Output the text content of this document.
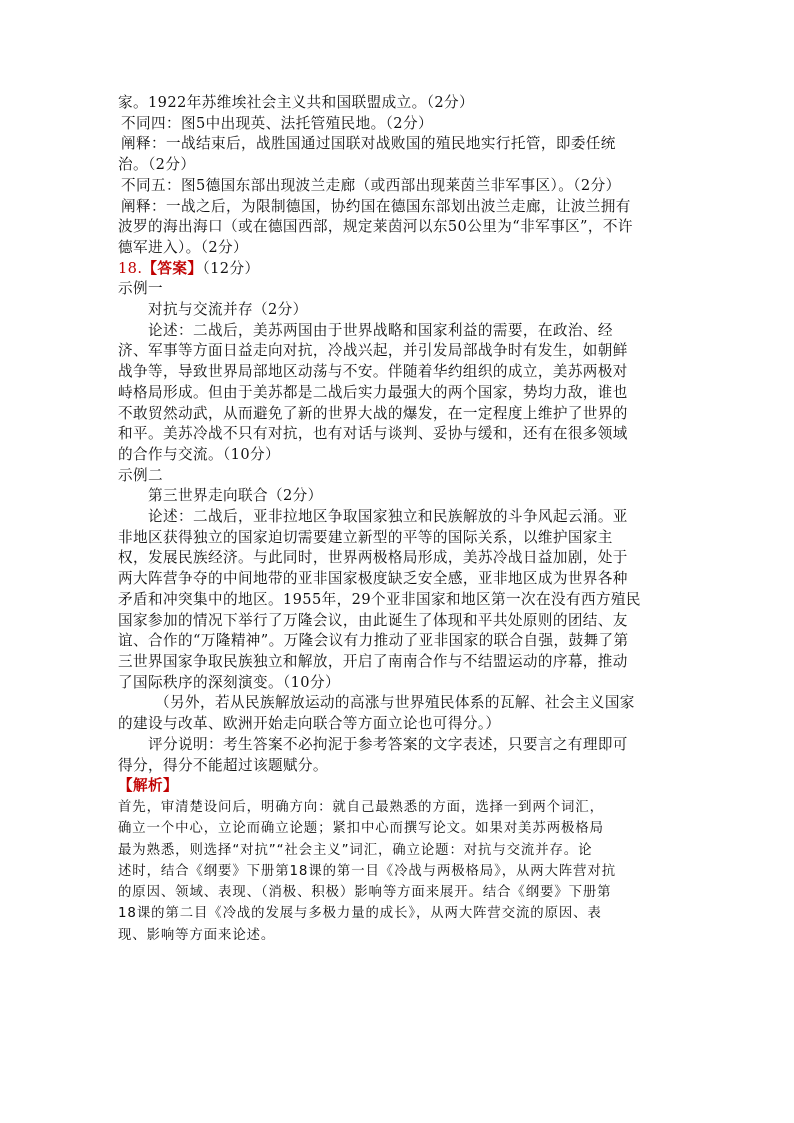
家。1922年苏维埃社会主义共和国联盟成立。（2分）
不同四：图5中出现英、法托管殖民地。（2分）
阐释：一战结束后，战胜国通过国联对战败国的殖民地实行托管，即委任统
治。（2分）
不同五：图5德国东部出现波兰走廊（或西部出现莱茵兰非军事区）。（2分）
阐释：一战之后，为限制德国，协约国在德国东部划出波兰走廊，让波兰拥有
波罗的海出海口（或在德国西部，规定莱茵河以东50公里为“非军事区”，不许
德军进入）。（2分）
18.【答案】（12分）
示例一
对抗与交流并存（2分）
论述：二战后，美苏两国由于世界战略和国家利益的需要，在政治、经
济、军事等方面日益走向对抗，冷战兴起，并引发局部战争时有发生，如朝鲜
战争等，导致世界局部地区动荡与不安。伴随着华约组织的成立，美苏两极对
峙格局形成。但由于美苏都是二战后实力最强大的两个国家，势均力敌，谁也
不敢贸然动武，从而避免了新的世界大战的爆发，在一定程度上维护了世界的
和平。美苏冷战不只有对抗，也有对话与谈判、妥协与缓和，还有在很多领域
的合作与交流。（10分）
示例二
第三世界走向联合（2分）
论述：二战后，亚非拉地区争取国家独立和民族解放的斗争风起云涌。亚
非地区获得独立的国家迫切需要建立新型的平等的国际关系，以维护国家主
权，发展民族经济。与此同时，世界两极格局形成，美苏冷战日益加剧，处于
两大阵营争夺的中间地带的亚非国家极度缺乏安全感，亚非地区成为世界各种
矛盾和冲突集中的地区。1955年，29个亚非国家和地区第一次在没有西方殖民
国家参加的情况下举行了万隆会议，由此诞生了体现和平共处原则的团结、友
谊、合作的“万隆精神”。万隆会议有力推动了亚非国家的联合自强，鼓舞了第
三世界国家争取民族独立和解放，开启了南南合作与不结盟运动的序幕，推动
了国际秩序的深刻演变。（10分）
（另外，若从民族解放运动的高涨与世界殖民体系的瓦解、社会主义国家
的建设与改革、欧洲开始走向联合等方面立论也可得分。）
评分说明：考生答案不必拘泥于参考答案的文字表述，只要言之有理即可
得分，得分不能超过该题赋分。
【解析】
首先，审清楚设问后，明确方向：就自己最熟悉的方面，选择一到两个词汇，
确立一个中心，立论而确立论题；紧扣中心而撰写论文。如果对美苏两极格局
最为熟悉，则选择“对抗”“社会主义”词汇，确立论题：对抗与交流并存。论
述时，结合《纲要》下册第18课的第一目《冷战与两极格局》，从两大阵营对抗
的原因、领域、表现、（消极、积极）影响等方面来展开。结合《纲要》下册第
18课的第二目《冷战的发展与多极力量的成长》，从两大阵营交流的原因、表
现、影响等方面来论述。
